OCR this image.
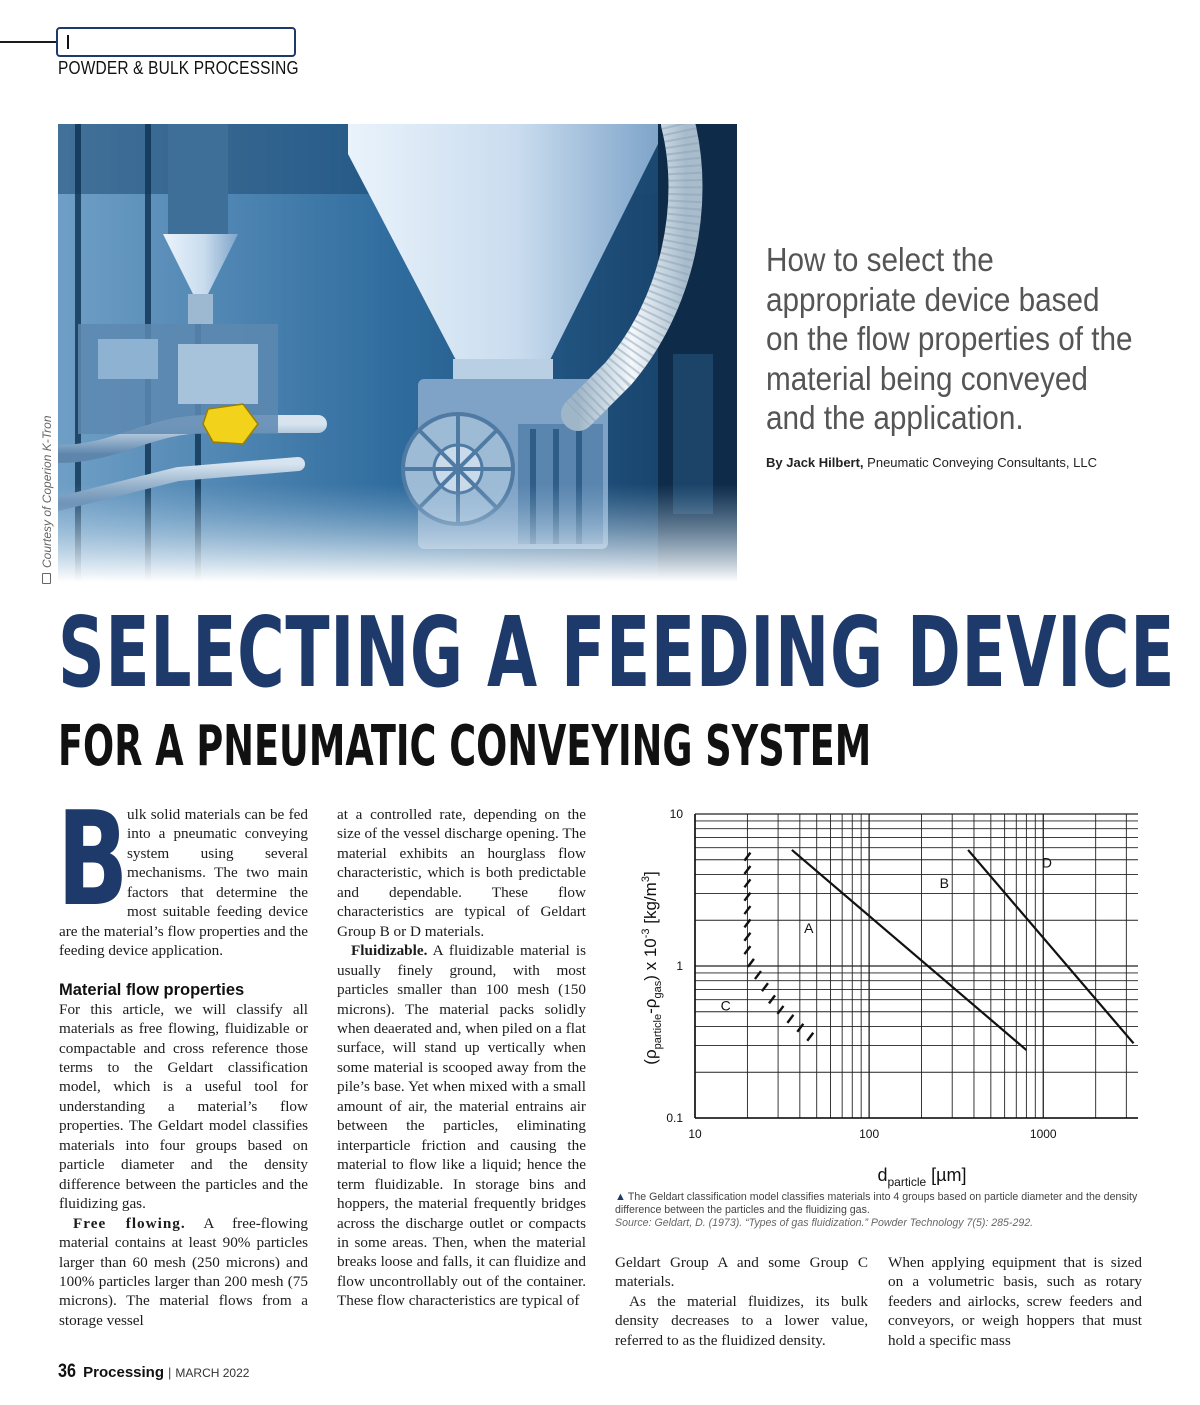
POWDER & BULK PROCESSING
Courtesy of Coperion K-Tron
How to select the appropriate device based on the flow properties of the material being conveyed and the application.
By Jack Hilbert, Pneumatic Conveying Consultants, LLC
SELECTING A FEEDING DEVICE
FOR A PNEUMATIC CONVEYING SYSTEM

B
ulk solid materials can be fed into a pneumatic conveying system using several mechanisms. The two main factors that determine the most suitable feeding device are the material’s flow properties and the feeding device application.

Material flow properties

For this article, we will classify all materials as free flowing, fluidizable or compactable and cross reference those terms to the Geldart classification model, which is a useful tool for understanding a material’s flow properties. The Geldart model classifies materials into four groups based on particle diameter and the density difference between the particles and the fluidizing gas.

Free flowing. A free-flowing material contains at least 90% particles larger than 60 mesh (250 microns) and 100% particles larger than 200 mesh (75 microns). The material flows from a storage vessel

at a controlled rate, depending on the size of the vessel discharge opening. The material exhibits an hourglass flow characteristic, which is both predictable and dependable. These flow characteristics are typical of Geldart Group B or D materials.

Fluidizable. A fluidizable material is usually finely ground, with most particles smaller than 100 mesh (150 microns). The material packs solidly when deaerated and, when piled on a flat surface, will stand up vertically when some material is scooped away from the pile’s base. Yet when mixed with a small amount of air, the material entrains air between the particles, eliminating interparticle friction and causing the material to flow like a liquid; hence the term fluidizable. In storage bins and hoppers, the material frequently bridges across the discharge outlet or compacts in some areas. Then, when the material breaks loose and falls, it can fluidize and flow uncontrollably out of the container. These flow characteristics are typical of

A
B
C
D
10	100	1000
10
1
0.1
$d_{particle}$ [µm]
$(\rho_{particle}-\rho_{gas})$ x $10^{-3}$ $[kg/m^3]$
▲ The Geldart classification model classifies materials into 4 groups based on particle diameter and the density difference between the particles and the fluidizing gas.
Source: Geldart, D. (1973). “Types of gas fluidization.” Powder Technology 7(5): 285-292.

Geldart Group A and some Group C materials.

As the material fluidizes, its bulk density decreases to a lower value, referred to as the fluidized density.

When applying equipment that is sized on a volumetric basis, such as rotary feeders and airlocks, screw feeders and conveyors, or weigh hoppers that must hold a specific mass

36 Processing | MARCH 2022
